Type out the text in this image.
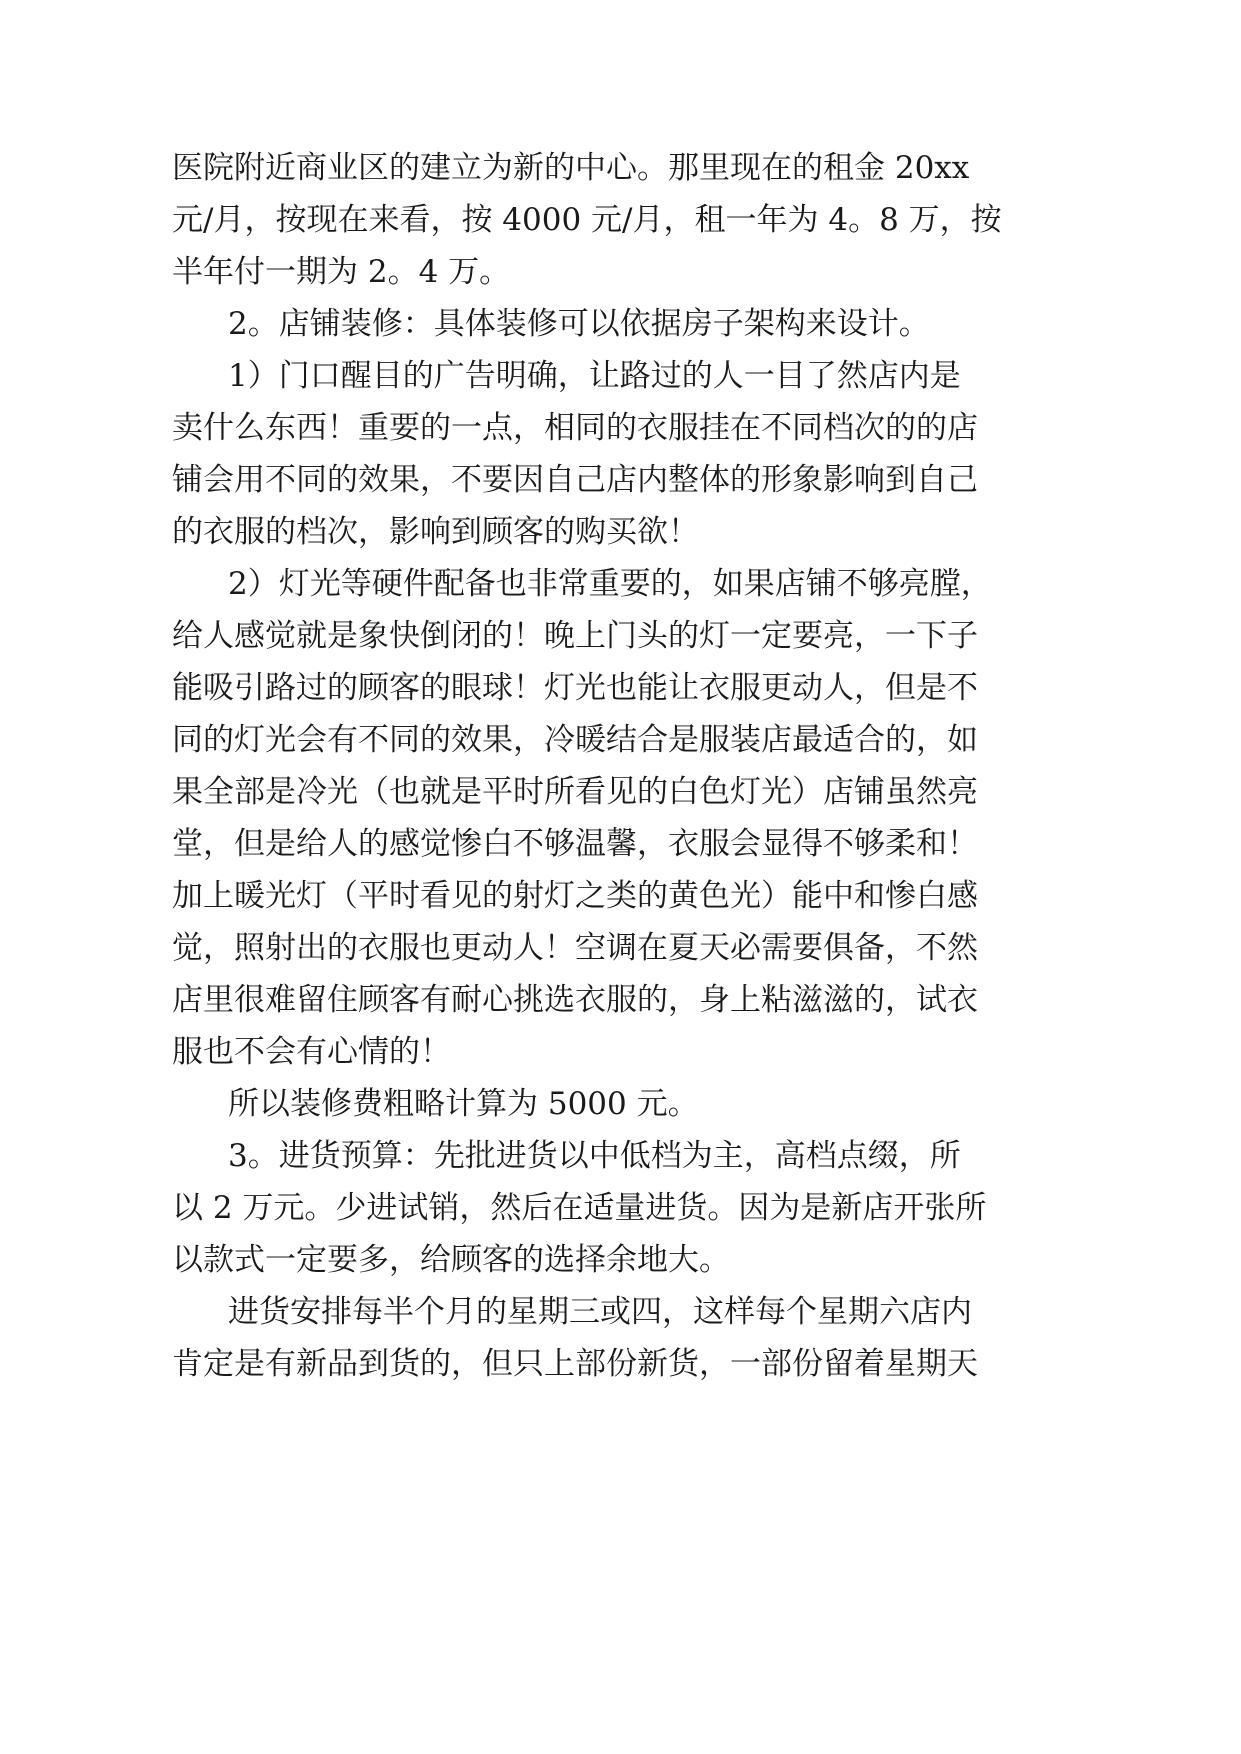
医院附近商业区的建立为新的中心。那里现在的租金 20xx
元/月，按现在来看，按 4000 元/月，租一年为 4。8 万，按
半年付一期为 2。4 万。
2。店铺装修：具体装修可以依据房子架构来设计。
1）门口醒目的广告明确，让路过的人一目了然店内是
卖什么东西！重要的一点，相同的衣服挂在不同档次的的店
铺会用不同的效果，不要因自己店内整体的形象影响到自己
的衣服的档次，影响到顾客的购买欲！
2）灯光等硬件配备也非常重要的，如果店铺不够亮膛，
给人感觉就是象快倒闭的！晚上门头的灯一定要亮，一下子
能吸引路过的顾客的眼球！灯光也能让衣服更动人，但是不
同的灯光会有不同的效果，冷暖结合是服装店最适合的，如
果全部是冷光（也就是平时所看见的白色灯光）店铺虽然亮
堂，但是给人的感觉惨白不够温馨，衣服会显得不够柔和！
加上暖光灯（平时看见的射灯之类的黄色光）能中和惨白感
觉，照射出的衣服也更动人！空调在夏天必需要俱备，不然
店里很难留住顾客有耐心挑选衣服的，身上粘滋滋的，试衣
服也不会有心情的！
所以装修费粗略计算为 5000 元。
3。进货预算：先批进货以中低档为主，高档点缀，所
以 2 万元。少进试销，然后在适量进货。因为是新店开张所
以款式一定要多，给顾客的选择余地大。
进货安排每半个月的星期三或四，这样每个星期六店内
肯定是有新品到货的，但只上部份新货，一部份留着星期天
